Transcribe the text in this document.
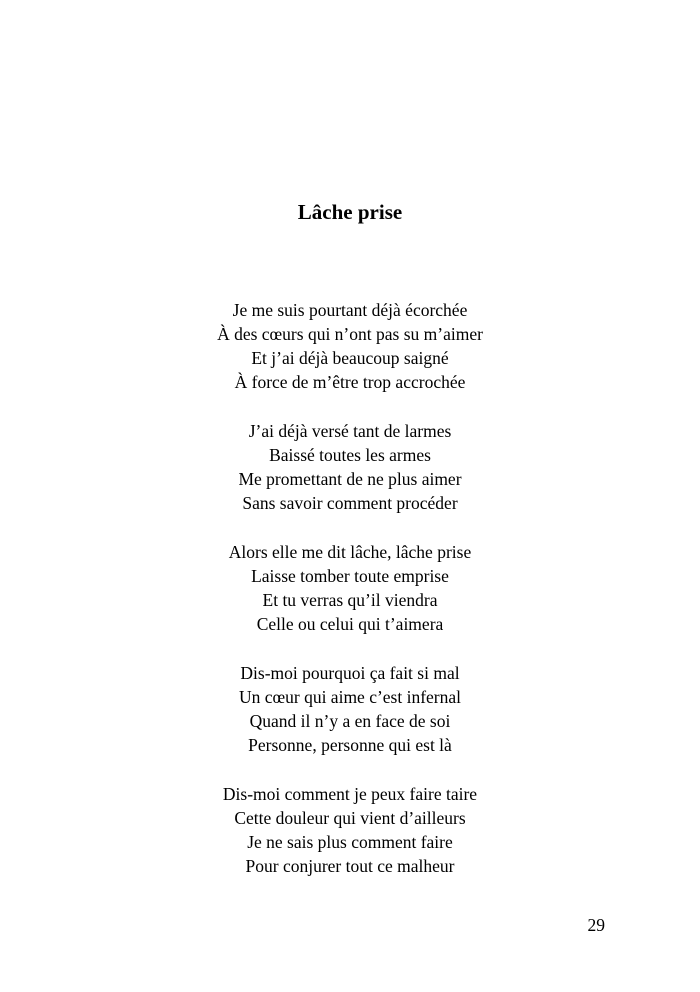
Lâche prise

Je me suis pourtant déjà écorchée
À des cœurs qui n’ont pas su m’aimer
Et j’ai déjà beaucoup saigné
À force de m’être trop accrochée

J’ai déjà versé tant de larmes
Baissé toutes les armes
Me promettant de ne plus aimer
Sans savoir comment procéder

Alors elle me dit lâche, lâche prise
Laisse tomber toute emprise
Et tu verras qu’il viendra
Celle ou celui qui t’aimera

Dis-moi pourquoi ça fait si mal
Un cœur qui aime c’est infernal
Quand il n’y a en face de soi
Personne, personne qui est là

Dis-moi comment je peux faire taire
Cette douleur qui vient d’ailleurs
Je ne sais plus comment faire
Pour conjurer tout ce malheur

29
